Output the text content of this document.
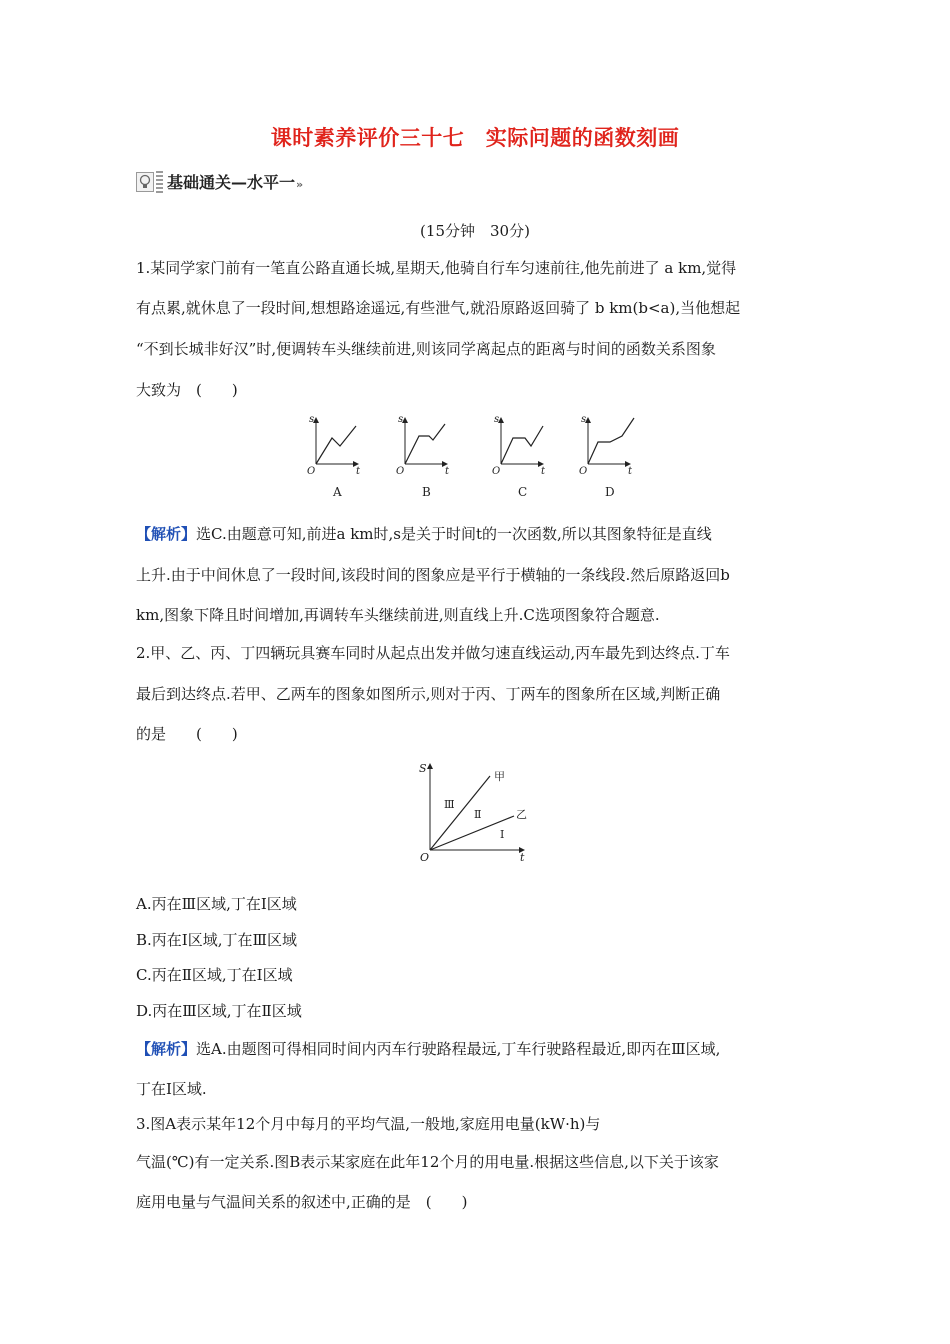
课时素养评价三十七　实际问题的函数刻画
基础通关—水平一»
(15分钟　30分)
1.某同学家门前有一笔直公路直通长城,星期天,他骑自行车匀速前往,他先前进了 a km,觉得
有点累,就休息了一段时间,想想路途遥远,有些泄气,就沿原路返回骑了 b km(b<a),当他想起
“不到长城非好汉”时,便调转车头继续前进,则该同学离起点的距离与时间的函数关系图象
大致为　(　　)
s
t
O
A
s
t
O
B
s
t
O
C
s
t
O
D
【解析】选C.由题意可知,前进a km时,s是关于时间t的一次函数,所以其图象特征是直线
上升.由于中间休息了一段时间,该段时间的图象应是平行于横轴的一条线段.然后原路返回b
km,图象下降且时间增加,再调转车头继续前进,则直线上升.C选项图象符合题意.
2.甲、乙、丙、丁四辆玩具赛车同时从起点出发并做匀速直线运动,丙车最先到达终点.丁车
最后到达终点.若甲、乙两车的图象如图所示,则对于丙、丁两车的图象所在区域,判断正确
的是　　(　　)
S
t
O
甲
乙
Ⅲ
Ⅱ
Ⅰ
A.丙在Ⅲ区域,丁在Ⅰ区域
B.丙在Ⅰ区域,丁在Ⅲ区域
C.丙在Ⅱ区域,丁在Ⅰ区域
D.丙在Ⅲ区域,丁在Ⅱ区域
【解析】选A.由题图可得相同时间内丙车行驶路程最远,丁车行驶路程最近,即丙在Ⅲ区域,
丁在Ⅰ区域.
3.图A表示某年12个月中每月的平均气温,一般地,家庭用电量(kW·h)与
气温(℃)有一定关系.图B表示某家庭在此年12个月的用电量.根据这些信息,以下关于该家
庭用电量与气温间关系的叙述中,正确的是　(　　)
